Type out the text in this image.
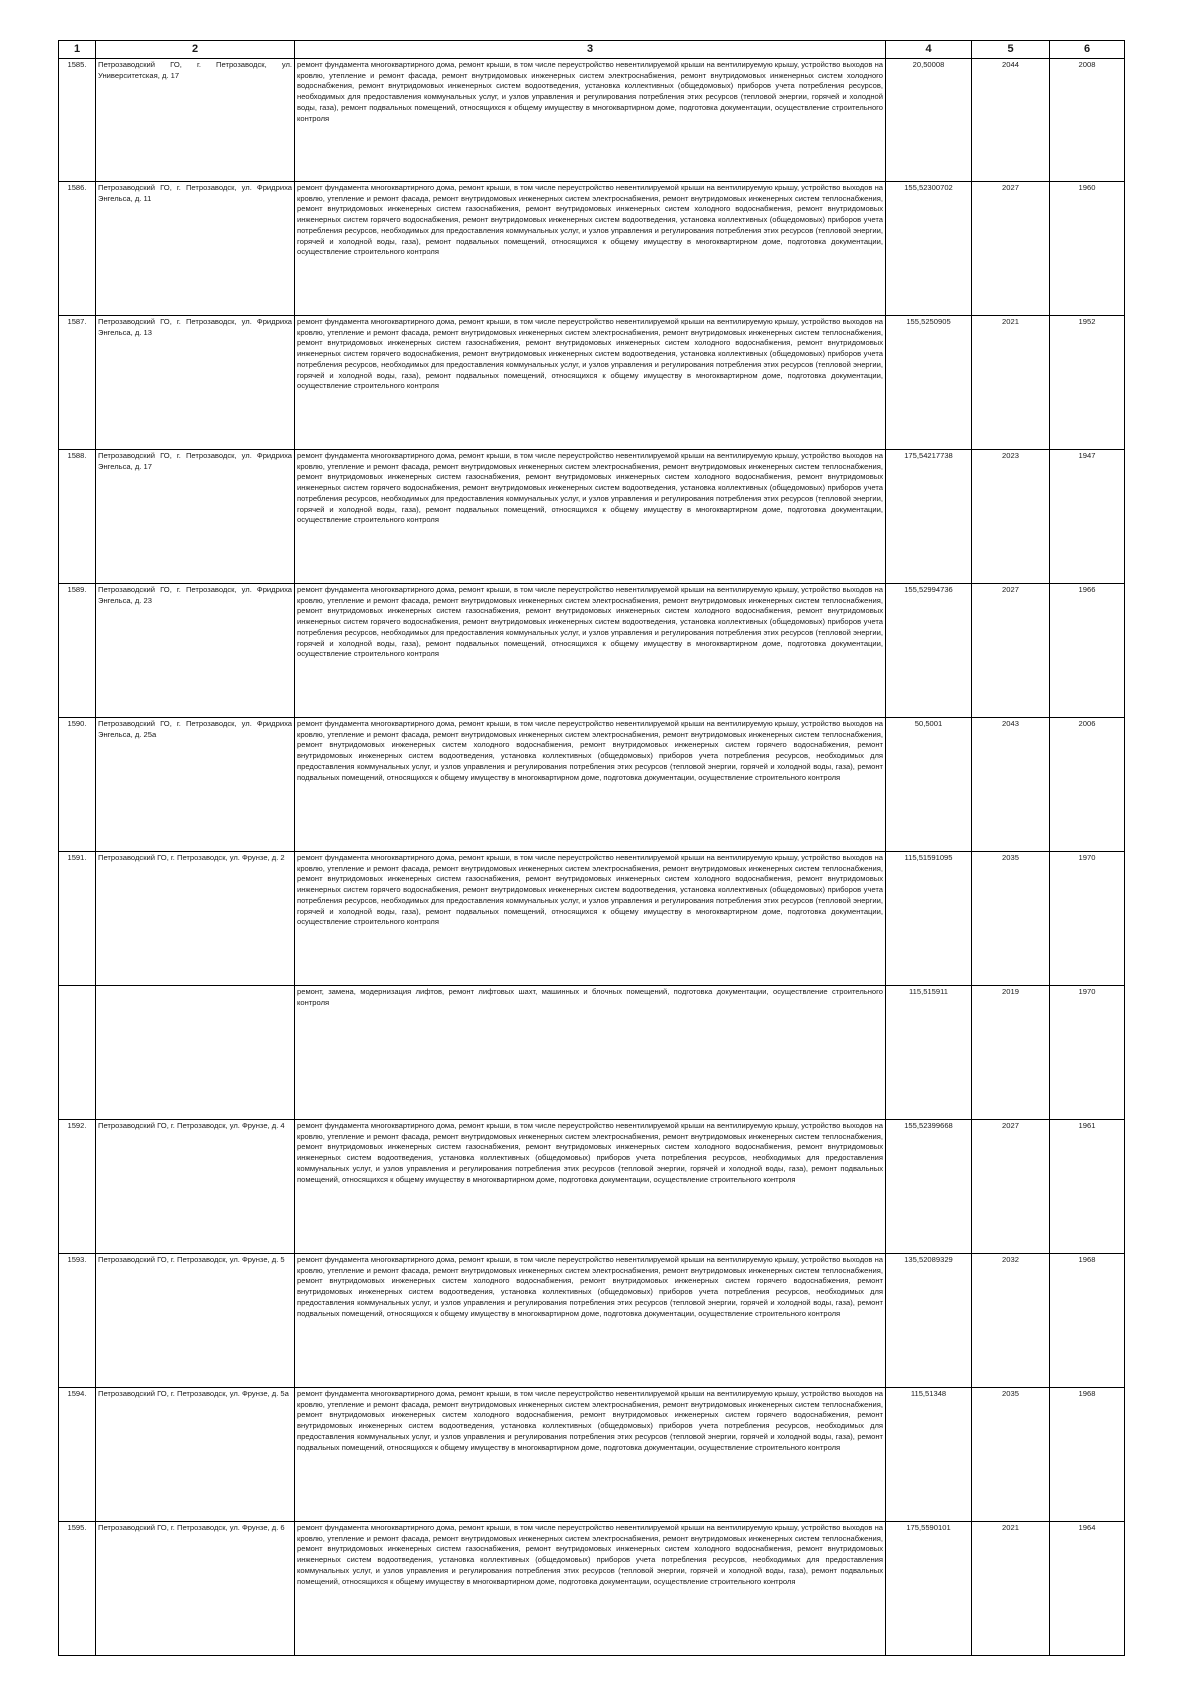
1	2	3	4	5	6
1585.	Петрозаводский ГО, г. Петрозаводск, ул. Университетская, д. 17	ремонт фундамента многоквартирного дома, ремонт крыши, в том числе переустройство невентилируемой крыши на вентилируемую крышу, устройство выходов на кровлю, утепление и ремонт фасада, ремонт внутридомовых инженерных систем электроснабжения, ремонт внутридомовых инженерных систем холодного водоснабжения, ремонт внутридомовых инженерных систем водоотведения, установка коллективных (общедомовых) приборов учета потребления ресурсов, необходимых для предоставления коммунальных услуг, и узлов управления и регулирования потребления этих ресурсов (тепловой энергии, горячей и холодной воды, газа), ремонт подвальных помещений, относящихся к общему имуществу в многоквартирном доме, подготовка документации, осуществление строительного контроля	20,50008	2044	2008
1586.	Петрозаводский ГО, г. Петрозаводск, ул. Фридриха Энгельса, д. 11	ремонт фундамента многоквартирного дома, ремонт крыши, в том числе переустройство невентилируемой крыши на вентилируемую крышу, устройство выходов на кровлю, утепление и ремонт фасада, ремонт внутридомовых инженерных систем электроснабжения, ремонт внутридомовых инженерных систем теплоснабжения, ремонт внутридомовых инженерных систем газоснабжения, ремонт внутридомовых инженерных систем холодного водоснабжения, ремонт внутридомовых инженерных систем горячего водоснабжения, ремонт внутридомовых инженерных систем водоотведения, установка коллективных (общедомовых) приборов учета потребления ресурсов, необходимых для предоставления коммунальных услуг, и узлов управления и регулирования потребления этих ресурсов (тепловой энергии, горячей и холодной воды, газа), ремонт подвальных помещений, относящихся к общему имуществу в многоквартирном доме, подготовка документации, осуществление строительного контроля	155,52300702	2027	1960
1587.	Петрозаводский ГО, г. Петрозаводск, ул. Фридриха Энгельса, д. 13	ремонт фундамента многоквартирного дома, ремонт крыши, в том числе переустройство невентилируемой крыши на вентилируемую крышу, устройство выходов на кровлю, утепление и ремонт фасада, ремонт внутридомовых инженерных систем электроснабжения, ремонт внутридомовых инженерных систем теплоснабжения, ремонт внутридомовых инженерных систем газоснабжения, ремонт внутридомовых инженерных систем холодного водоснабжения, ремонт внутридомовых инженерных систем горячего водоснабжения, ремонт внутридомовых инженерных систем водоотведения, установка коллективных (общедомовых) приборов учета потребления ресурсов, необходимых для предоставления коммунальных услуг, и узлов управления и регулирования потребления этих ресурсов (тепловой энергии, горячей и холодной воды, газа), ремонт подвальных помещений, относящихся к общему имуществу в многоквартирном доме, подготовка документации, осуществление строительного контроля	155,5250905	2021	1952
1588.	Петрозаводский ГО, г. Петрозаводск, ул. Фридриха Энгельса, д. 17	ремонт фундамента многоквартирного дома, ремонт крыши, в том числе переустройство невентилируемой крыши на вентилируемую крышу, устройство выходов на кровлю, утепление и ремонт фасада, ремонт внутридомовых инженерных систем электроснабжения, ремонт внутридомовых инженерных систем теплоснабжения, ремонт внутридомовых инженерных систем газоснабжения, ремонт внутридомовых инженерных систем холодного водоснабжения, ремонт внутридомовых инженерных систем горячего водоснабжения, ремонт внутридомовых инженерных систем водоотведения, установка коллективных (общедомовых) приборов учета потребления ресурсов, необходимых для предоставления коммунальных услуг, и узлов управления и регулирования потребления этих ресурсов (тепловой энергии, горячей и холодной воды, газа), ремонт подвальных помещений, относящихся к общему имуществу в многоквартирном доме, подготовка документации, осуществление строительного контроля	175,54217738	2023	1947
1589.	Петрозаводский ГО, г. Петрозаводск, ул. Фридриха Энгельса, д. 23	ремонт фундамента многоквартирного дома, ремонт крыши, в том числе переустройство невентилируемой крыши на вентилируемую крышу, устройство выходов на кровлю, утепление и ремонт фасада, ремонт внутридомовых инженерных систем электроснабжения, ремонт внутридомовых инженерных систем теплоснабжения, ремонт внутридомовых инженерных систем газоснабжения, ремонт внутридомовых инженерных систем холодного водоснабжения, ремонт внутридомовых инженерных систем горячего водоснабжения, ремонт внутридомовых инженерных систем водоотведения, установка коллективных (общедомовых) приборов учета потребления ресурсов, необходимых для предоставления коммунальных услуг, и узлов управления и регулирования потребления этих ресурсов (тепловой энергии, горячей и холодной воды, газа), ремонт подвальных помещений, относящихся к общему имуществу в многоквартирном доме, подготовка документации, осуществление строительного контроля	155,52994736	2027	1966
1590.	Петрозаводский ГО, г. Петрозаводск, ул. Фридриха Энгельса, д. 25а	ремонт фундамента многоквартирного дома, ремонт крыши, в том числе переустройство невентилируемой крыши на вентилируемую крышу, устройство выходов на кровлю, утепление и ремонт фасада, ремонт внутридомовых инженерных систем электроснабжения, ремонт внутридомовых инженерных систем теплоснабжения, ремонт внутридомовых инженерных систем холодного водоснабжения, ремонт внутридомовых инженерных систем горячего водоснабжения, ремонт внутридомовых инженерных систем водоотведения, установка коллективных (общедомовых) приборов учета потребления ресурсов, необходимых для предоставления коммунальных услуг, и узлов управления и регулирования потребления этих ресурсов (тепловой энергии, горячей и холодной воды, газа), ремонт подвальных помещений, относящихся к общему имуществу в многоквартирном доме, подготовка документации, осуществление строительного контроля	50,5001	2043	2006
1591.	Петрозаводский ГО, г. Петрозаводск, ул. Фрунзе, д. 2	ремонт фундамента многоквартирного дома, ремонт крыши, в том числе переустройство невентилируемой крыши на вентилируемую крышу, устройство выходов на кровлю, утепление и ремонт фасада, ремонт внутридомовых инженерных систем электроснабжения, ремонт внутридомовых инженерных систем теплоснабжения, ремонт внутридомовых инженерных систем газоснабжения, ремонт внутридомовых инженерных систем холодного водоснабжения, ремонт внутридомовых инженерных систем горячего водоснабжения, ремонт внутридомовых инженерных систем водоотведения, установка коллективных (общедомовых) приборов учета потребления ресурсов, необходимых для предоставления коммунальных услуг, и узлов управления и регулирования потребления этих ресурсов (тепловой энергии, горячей и холодной воды, газа), ремонт подвальных помещений, относящихся к общему имуществу в многоквартирном доме, подготовка документации, осуществление строительного контроля	115,51591095	2035	1970
		ремонт, замена, модернизация лифтов, ремонт лифтовых шахт, машинных и блочных помещений, подготовка документации, осуществление строительного контроля	115,515911	2019	1970
1592.	Петрозаводский ГО, г. Петрозаводск, ул. Фрунзе, д. 4	ремонт фундамента многоквартирного дома, ремонт крыши, в том числе переустройство невентилируемой крыши на вентилируемую крышу, устройство выходов на кровлю, утепление и ремонт фасада, ремонт внутридомовых инженерных систем электроснабжения, ремонт внутридомовых инженерных систем теплоснабжения, ремонт внутридомовых инженерных систем газоснабжения, ремонт внутридомовых инженерных систем холодного водоснабжения, ремонт внутридомовых инженерных систем водоотведения, установка коллективных (общедомовых) приборов учета потребления ресурсов, необходимых для предоставления коммунальных услуг, и узлов управления и регулирования потребления этих ресурсов (тепловой энергии, горячей и холодной воды, газа), ремонт подвальных помещений, относящихся к общему имуществу в многоквартирном доме, подготовка документации, осуществление строительного контроля	155,52399668	2027	1961
1593.	Петрозаводский ГО, г. Петрозаводск, ул. Фрунзе, д. 5	ремонт фундамента многоквартирного дома, ремонт крыши, в том числе переустройство невентилируемой крыши на вентилируемую крышу, устройство выходов на кровлю, утепление и ремонт фасада, ремонт внутридомовых инженерных систем электроснабжения, ремонт внутридомовых инженерных систем теплоснабжения, ремонт внутридомовых инженерных систем холодного водоснабжения, ремонт внутридомовых инженерных систем горячего водоснабжения, ремонт внутридомовых инженерных систем водоотведения, установка коллективных (общедомовых) приборов учета потребления ресурсов, необходимых для предоставления коммунальных услуг, и узлов управления и регулирования потребления этих ресурсов (тепловой энергии, горячей и холодной воды, газа), ремонт подвальных помещений, относящихся к общему имуществу в многоквартирном доме, подготовка документации, осуществление строительного контроля	135,52089329	2032	1968
1594.	Петрозаводский ГО, г. Петрозаводск, ул. Фрунзе, д. 5а	ремонт фундамента многоквартирного дома, ремонт крыши, в том числе переустройство невентилируемой крыши на вентилируемую крышу, устройство выходов на кровлю, утепление и ремонт фасада, ремонт внутридомовых инженерных систем электроснабжения, ремонт внутридомовых инженерных систем теплоснабжения, ремонт внутридомовых инженерных систем холодного водоснабжения, ремонт внутридомовых инженерных систем горячего водоснабжения, ремонт внутридомовых инженерных систем водоотведения, установка коллективных (общедомовых) приборов учета потребления ресурсов, необходимых для предоставления коммунальных услуг, и узлов управления и регулирования потребления этих ресурсов (тепловой энергии, горячей и холодной воды, газа), ремонт подвальных помещений, относящихся к общему имуществу в многоквартирном доме, подготовка документации, осуществление строительного контроля	115,51348	2035	1968
1595.	Петрозаводский ГО, г. Петрозаводск, ул. Фрунзе, д. 6	ремонт фундамента многоквартирного дома, ремонт крыши, в том числе переустройство невентилируемой крыши на вентилируемую крышу, устройство выходов на кровлю, утепление и ремонт фасада, ремонт внутридомовых инженерных систем электроснабжения, ремонт внутридомовых инженерных систем теплоснабжения, ремонт внутридомовых инженерных систем газоснабжения, ремонт внутридомовых инженерных систем холодного водоснабжения, ремонт внутридомовых инженерных систем водоотведения, установка коллективных (общедомовых) приборов учета потребления ресурсов, необходимых для предоставления коммунальных услуг, и узлов управления и регулирования потребления этих ресурсов (тепловой энергии, горячей и холодной воды, газа), ремонт подвальных помещений, относящихся к общему имуществу в многоквартирном доме, подготовка документации, осуществление строительного контроля	175,5590101	2021	1964
